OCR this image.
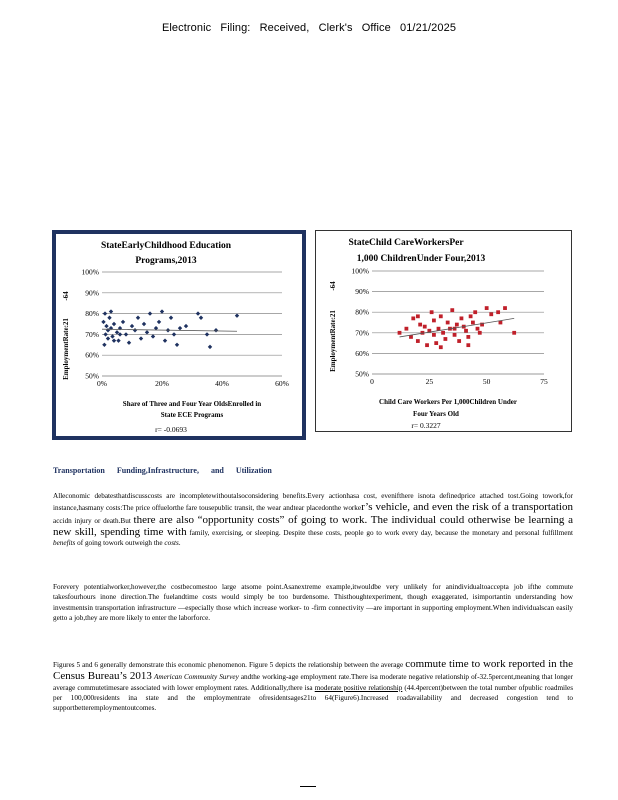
Electronic Filing: Received, Clerk's Office 01/21/2025
StateEarlyChildhood Education
Programs,2013
-64
EmploymentRate:21 50%
60%
70%
80%
90%
100%
0%	20%	40%	60%
Share of Three and Four Year OldsEnrolled in
State ECE Programs
r= -0.0693
StateChild CareWorkersPer
1,000 ChildrenUnder Four,2013
-64
EmploymentRate:21
50%
60%
70%
80%
90%
100%
0	25	50	75
Child Care Workers Per 1,000Children Under
Four Years Old
r= 0.3227
Transportation Funding,Infrastructure, and Utilization

Alleconomic debatesthatdiscusscosts are incompletewithoutalsoconsidering benefits.Every actionhasa cost, evenifthere isnota definedprice attached tost.Going towork,for instance,hasmany costs:The price offuelorthe fare tousepublic transit, the wear andtear placedonthe worker’s vehicle, and even the risk of a transportation accidn injury or death.But there are also “opportunity costs” of going to work. The individual could otherwise be learning a new skill, spending time with family, exercising, or sleeping. Despite these costs, people go to work every day, because the monetary and personal fulfillment benefits of going towork outweigh the costs.

Forevery potentialworker,however,the costbecomestoo large atsome point.Asanextreme example,itwouldbe very unlikely for anindividualtoaccepta job ifthe commute takesfourhours inone direction.The fuelandtime costs would simply be too burdensome. Thisthoughtexperiment, though exaggerated, isimportantin understanding how investmentsin transportation infrastructure ―especially those which increase worker- to -firm connectivity ―are important in supporting employment.When individualscan easily getto a job,they are more likely to enter the laborforce.

Figures 5 and 6 generally demonstrate this economic phenomenon. Figure 5 depicts the relationship between the average commute time to work reported in the Census Bureau’s 2013 American Community Survey andthe working-age employment rate.There isa moderate negative relationship of-32.5percent,meaning that longer average commutetimesare associated with lower employment rates. Additionally,there isa moderate positive relationship (44.4percent)between the total number ofpublic roadmiles per 100,000residents ina state and the employmentrate ofresidentsages21to 64(Figure6).Increased roadavailability and decreased congestion tend to supportbetteremploymentoutcomes.
